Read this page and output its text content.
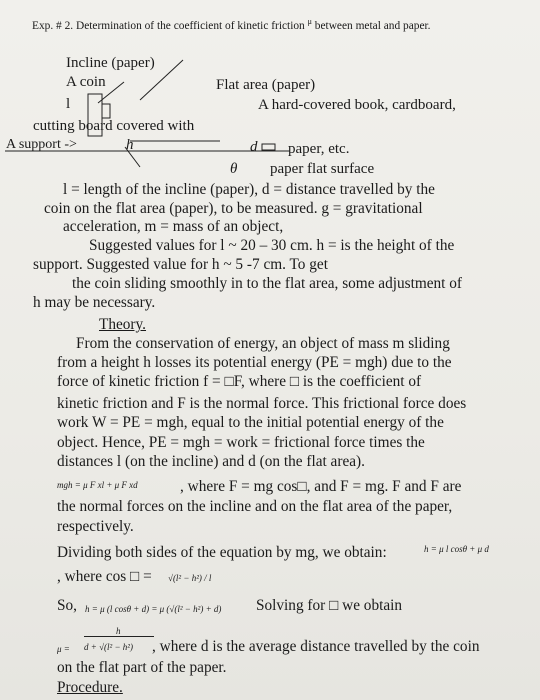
Exp. # 2. Determination of the coefficient of kinetic friction $^\mu$ between metal and paper.
Incline (paper)
A coin	Flat area (paper)
l	A hard-covered book, cardboard,
cutting board covered with
A support ->	h	d paper, etc.
θ paper flat surface
l = length of the incline (paper), d = distance travelled by the
coin on the flat area (paper), to be measured. g = gravitational
acceleration, m = mass of an object,
Suggested values for l ~ 20 – 30 cm. h = is the height of the
support. Suggested value for h ~ 5 -7 cm. To get
the coin sliding smoothly in to the flat area, some adjustment of
h may be necessary.
Theory.
From the conservation of energy, an object of mass m sliding
from a height h losses its potential energy (PE = mgh) due to the
force of kinetic friction f = □F, where □ is the coefficient of
kinetic friction and F is the normal force. This frictional force does
work W = PE = mgh, equal to the initial potential energy of the
object. Hence, PE = mgh = work = frictional force times the
distances l (on the incline) and d (on the flat area).
mgh = μ F xl + μ F xd	, where F = mg cos□, and F = mg. F and F are
the normal forces on the incline and on the flat area of the paper,
respectively.
Dividing both sides of the equation by mg, we obtain:	h = μ l cosθ + μ d
, where cos □ = √(l² − h²) / l
So, h = μ (l cosθ + d) = μ (√(l² − h²) + d) Solving for □ we obtain
μ =
h
d + √(l² − h²) , where d is the average distance travelled by the coin
on the flat part of the paper.
Procedure.
